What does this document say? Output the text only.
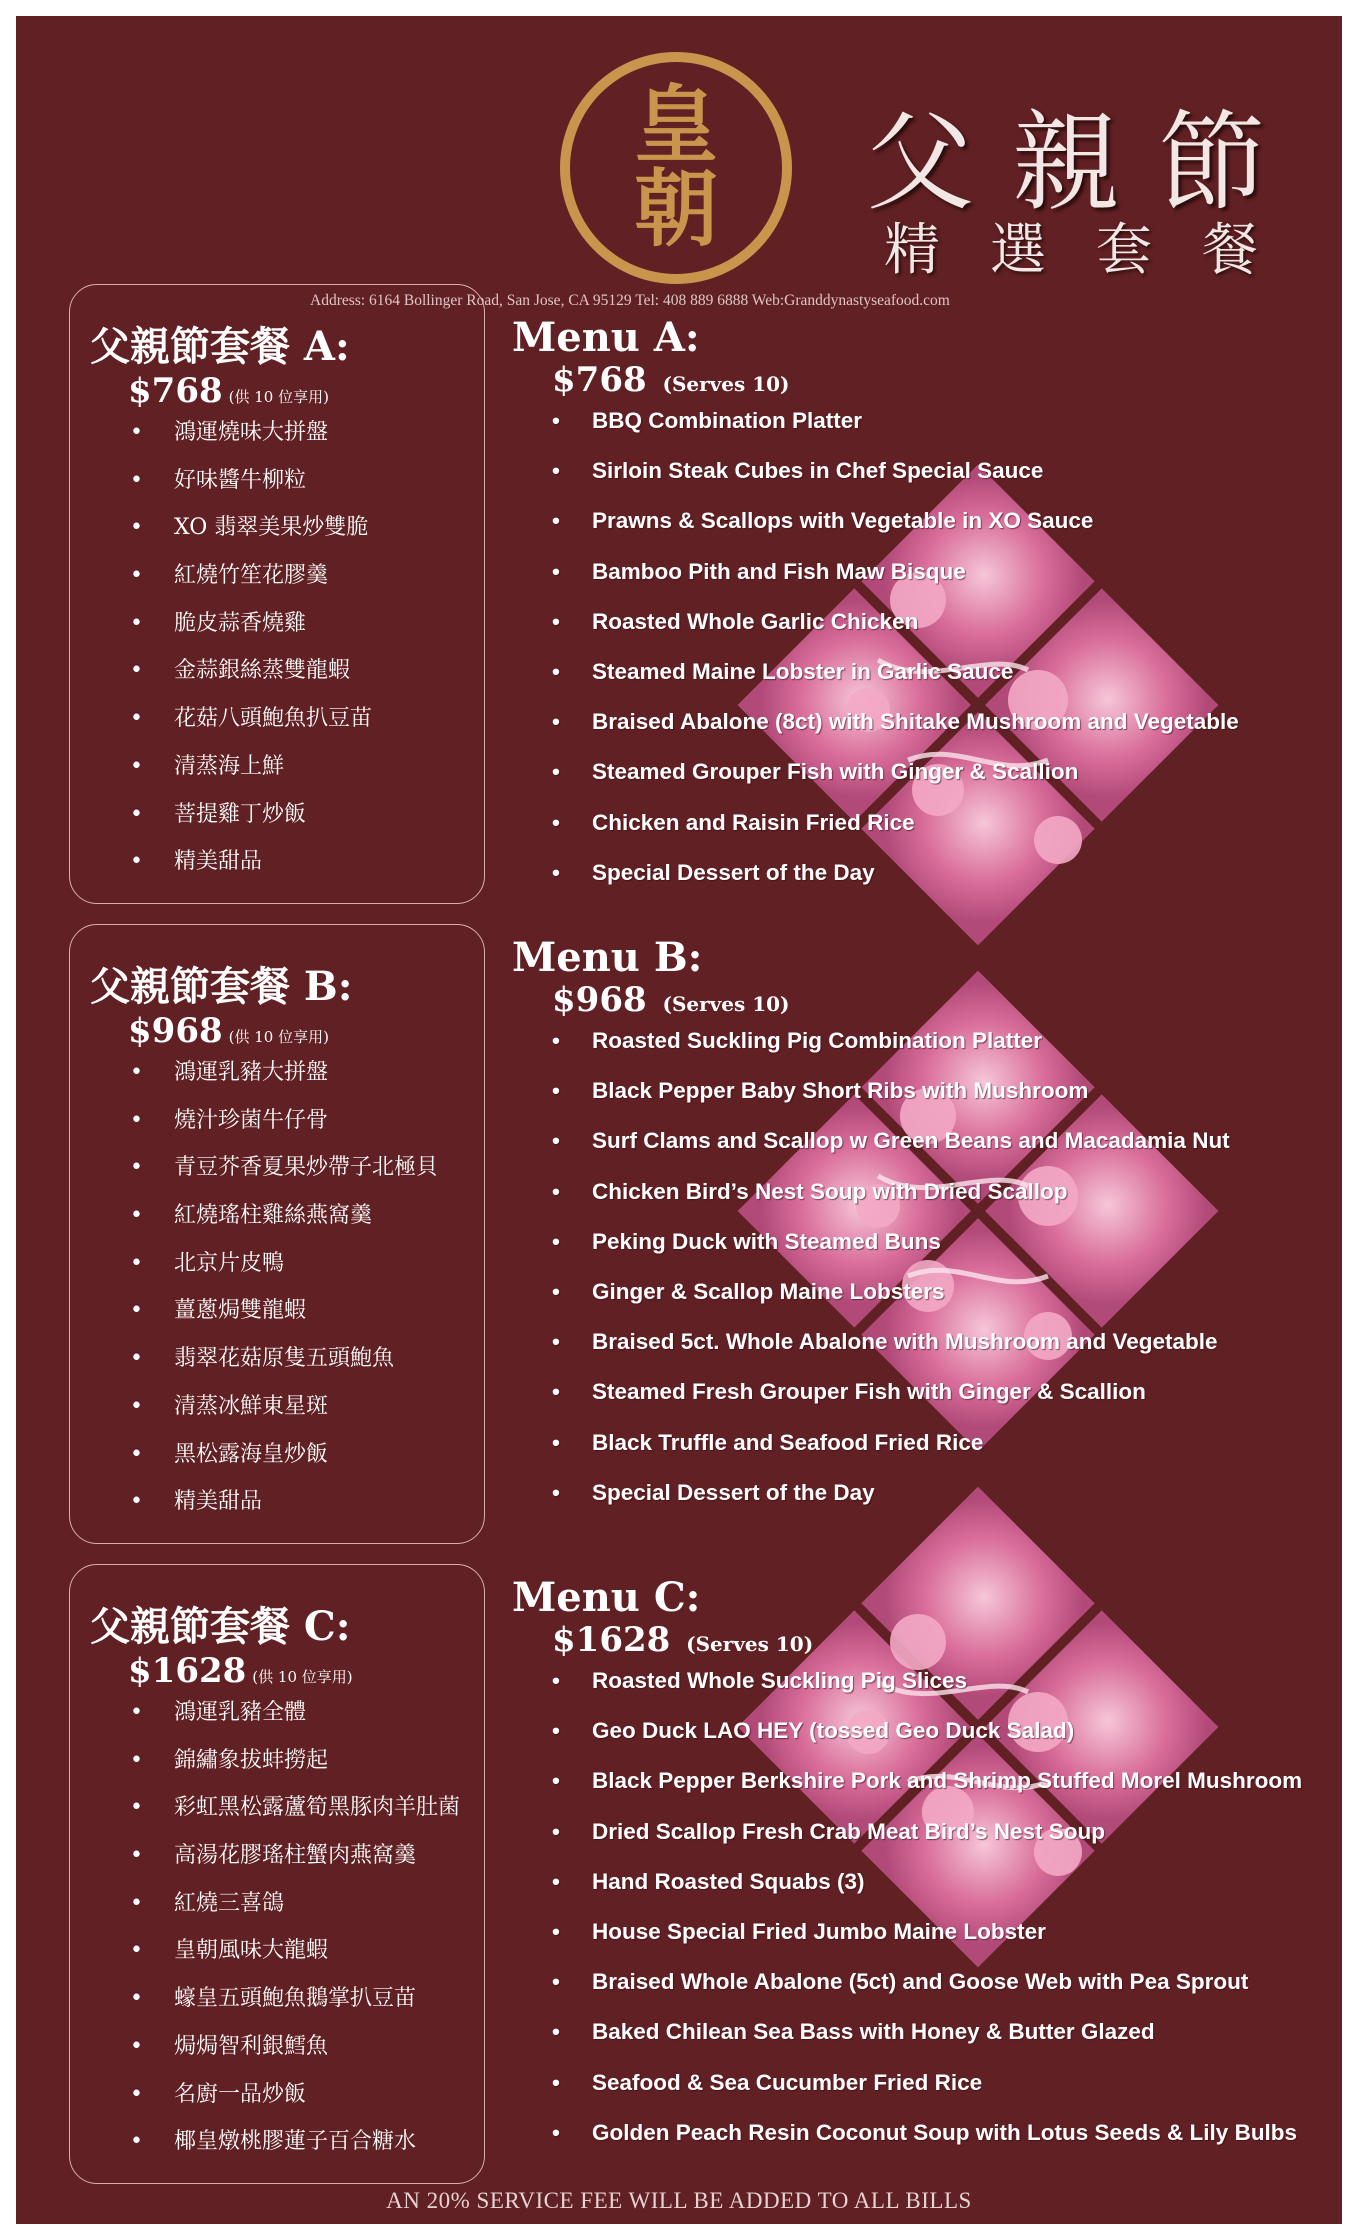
皇朝 父親節
精選套餐
Address: 6164 Bollinger Road, San Jose, CA 95129 Tel: 408 889 6888 Web:Granddynastyseafood.com
父親節套餐 A:
$768 (供 10 位享用)
• 鴻運燒味大拼盤
• 好味醬牛柳粒
• XO 翡翠美果炒雙脆
• 紅燒竹笙花膠羹
• 脆皮蒜香燒雞
• 金蒜銀絲蒸雙龍蝦
• 花菇八頭鮑魚扒豆苗
• 清蒸海上鮮
• 菩提雞丁炒飯
• 精美甜品
父親節套餐 B:
$968 (供 10 位享用)
• 鴻運乳豬大拼盤
• 燒汁珍菌牛仔骨
• 青豆芥香夏果炒帶子北極貝
• 紅燒瑤柱雞絲燕窩羹
• 北京片皮鴨
• 薑蔥焗雙龍蝦
• 翡翠花菇原隻五頭鮑魚
• 清蒸冰鮮東星斑
• 黑松露海皇炒飯
• 精美甜品
父親節套餐 C:
$1628 (供 10 位享用)
• 鴻運乳豬全體
• 錦繡象拔蚌撈起
• 彩虹黑松露蘆筍黑豚肉羊肚菌
• 高湯花膠瑤柱蟹肉燕窩羹
• 紅燒三喜鴿
• 皇朝風味大龍蝦
• 蠔皇五頭鮑魚鵝掌扒豆苗
• 焗焗智利銀鱈魚
• 名廚一品炒飯
• 椰皇燉桃膠蓮子百合糖水
Menu A:
$768 (Serves 10)
• BBQ Combination Platter
• Sirloin Steak Cubes in Chef Special Sauce
• Prawns & Scallops with Vegetable in XO Sauce
• Bamboo Pith and Fish Maw Bisque
• Roasted Whole Garlic Chicken
• Steamed Maine Lobster in Garlic Sauce
• Braised Abalone (8ct) with Shitake Mushroom and Vegetable
• Steamed Grouper Fish with Ginger & Scallion
• Chicken and Raisin Fried Rice
• Special Dessert of the Day
Menu B:
$968 (Serves 10)
• Roasted Suckling Pig Combination Platter
• Black Pepper Baby Short Ribs with Mushroom
• Surf Clams and Scallop w Green Beans and Macadamia Nut
• Chicken Bird’s Nest Soup with Dried Scallop
• Peking Duck with Steamed Buns
• Ginger & Scallop Maine Lobsters
• Braised 5ct. Whole Abalone with Mushroom and Vegetable
• Steamed Fresh Grouper Fish with Ginger & Scallion
• Black Truffle and Seafood Fried Rice
• Special Dessert of the Day
Menu C:
$1628 (Serves 10)
• Roasted Whole Suckling Pig Slices
• Geo Duck LAO HEY (tossed Geo Duck Salad)
• Black Pepper Berkshire Pork and Shrimp Stuffed Morel Mushroom
• Dried Scallop Fresh Crab Meat Bird’s Nest Soup
• Hand Roasted Squabs (3)
• House Special Fried Jumbo Maine Lobster
• Braised Whole Abalone (5ct) and Goose Web with Pea Sprout
• Baked Chilean Sea Bass with Honey & Butter Glazed
• Seafood & Sea Cucumber Fried Rice
• Golden Peach Resin Coconut Soup with Lotus Seeds & Lily Bulbs
AN 20% SERVICE FEE WILL BE ADDED TO ALL BILLS
